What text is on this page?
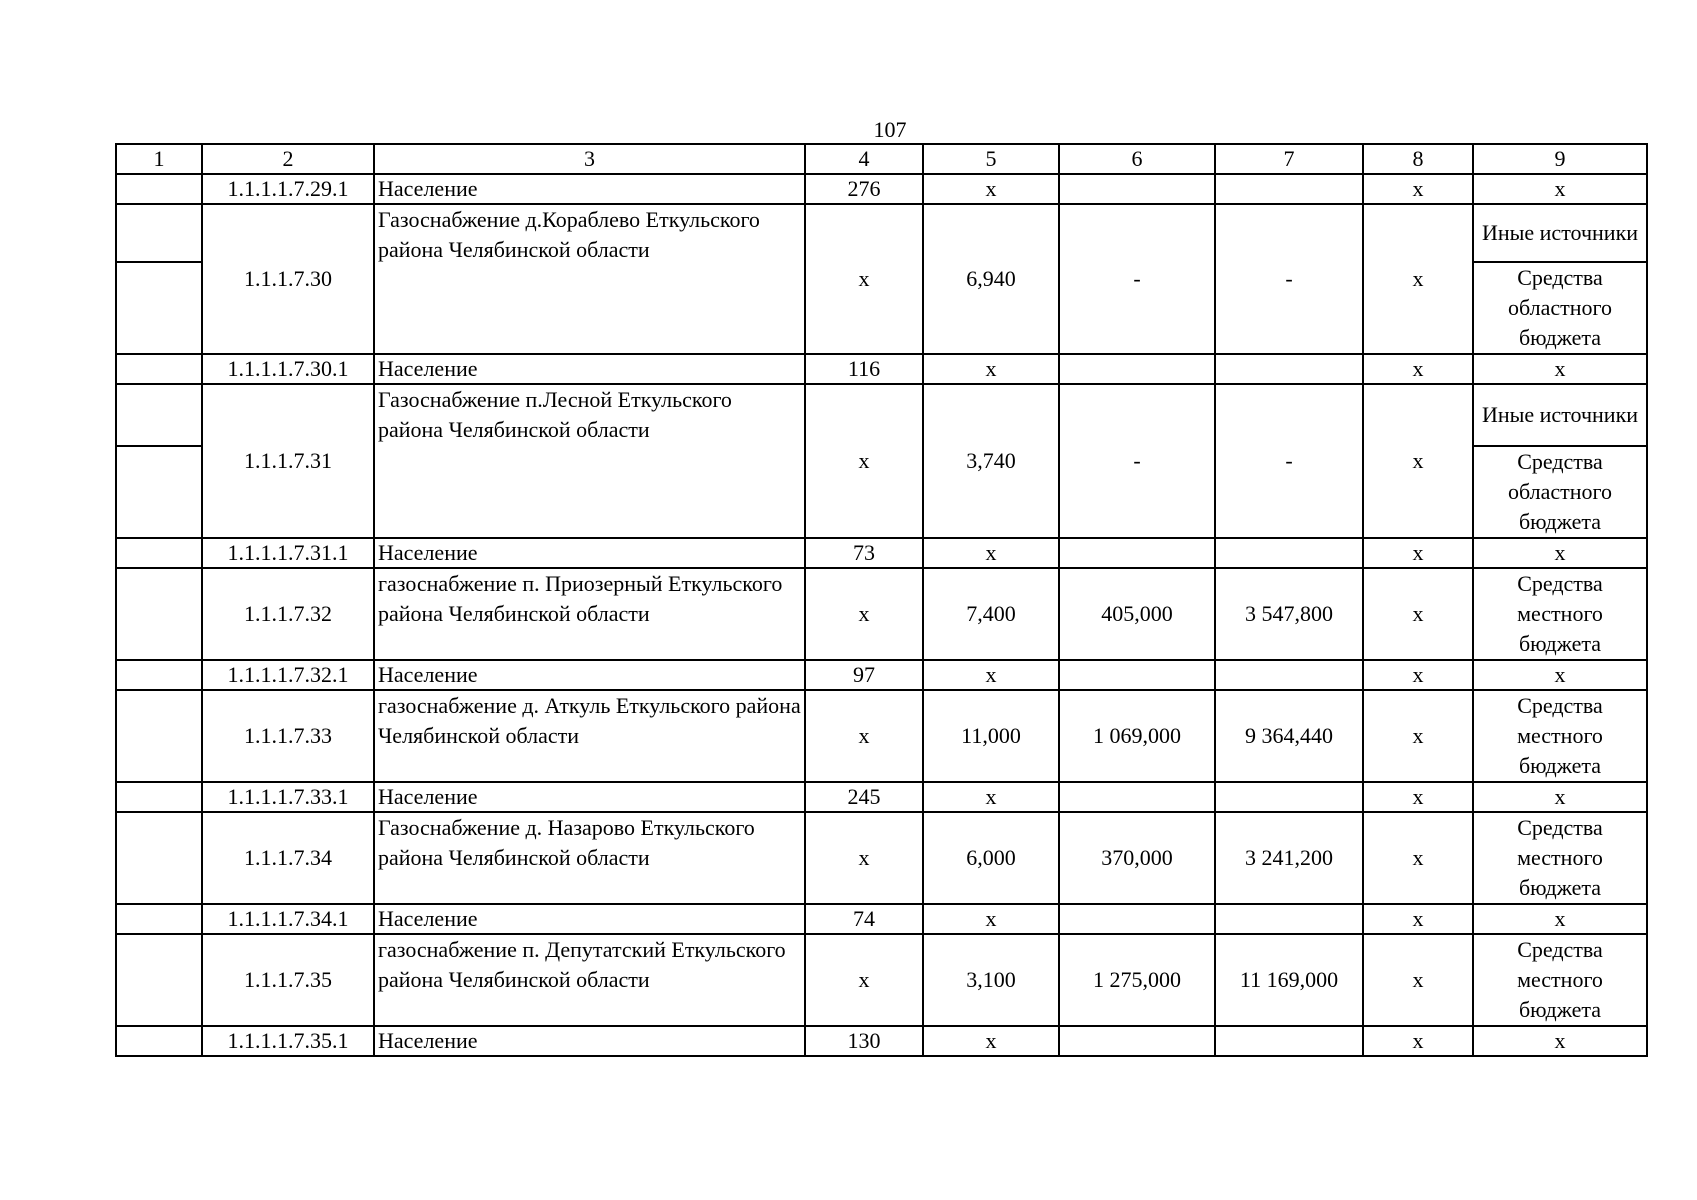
107
1	2	3	4	5	6	7	8	9
	1.1.1.1.7.29.1	Население	276	х			х	х
	1.1.1.7.30	Газоснабжение д.Кораблево Еткульского района Челябинской области	х	6,940	-	-	х	Иные источники
								Средства областного бюджета
	1.1.1.1.7.30.1	Население	116	х			х	х
	1.1.1.7.31	Газоснабжение п.Лесной Еткульского района Челябинской области	х	3,740	-	-	х	Иные источники
								Средства областного бюджета
	1.1.1.1.7.31.1	Население	73	х			х	х
	1.1.1.7.32	газоснабжение п. Приозерный Еткульского района Челябинской области	х	7,400	405,000	3 547,800	х	Средства местного бюджета
	1.1.1.1.7.32.1	Население	97	х			х	х
	1.1.1.7.33	газоснабжение д. Аткуль Еткульского района Челябинской области	х	11,000	1 069,000	9 364,440	х	Средства местного бюджета
	1.1.1.1.7.33.1	Население	245	х			х	х
	1.1.1.7.34	Газоснабжение д. Назарово Еткульского района Челябинской области	х	6,000	370,000	3 241,200	х	Средства местного бюджета
	1.1.1.1.7.34.1	Население	74	х			х	х
	1.1.1.7.35	газоснабжение п. Депутатский Еткульского района Челябинской области	х	3,100	1 275,000	11 169,000	х	Средства местного бюджета
	1.1.1.1.7.35.1	Население	130	х			х	х
